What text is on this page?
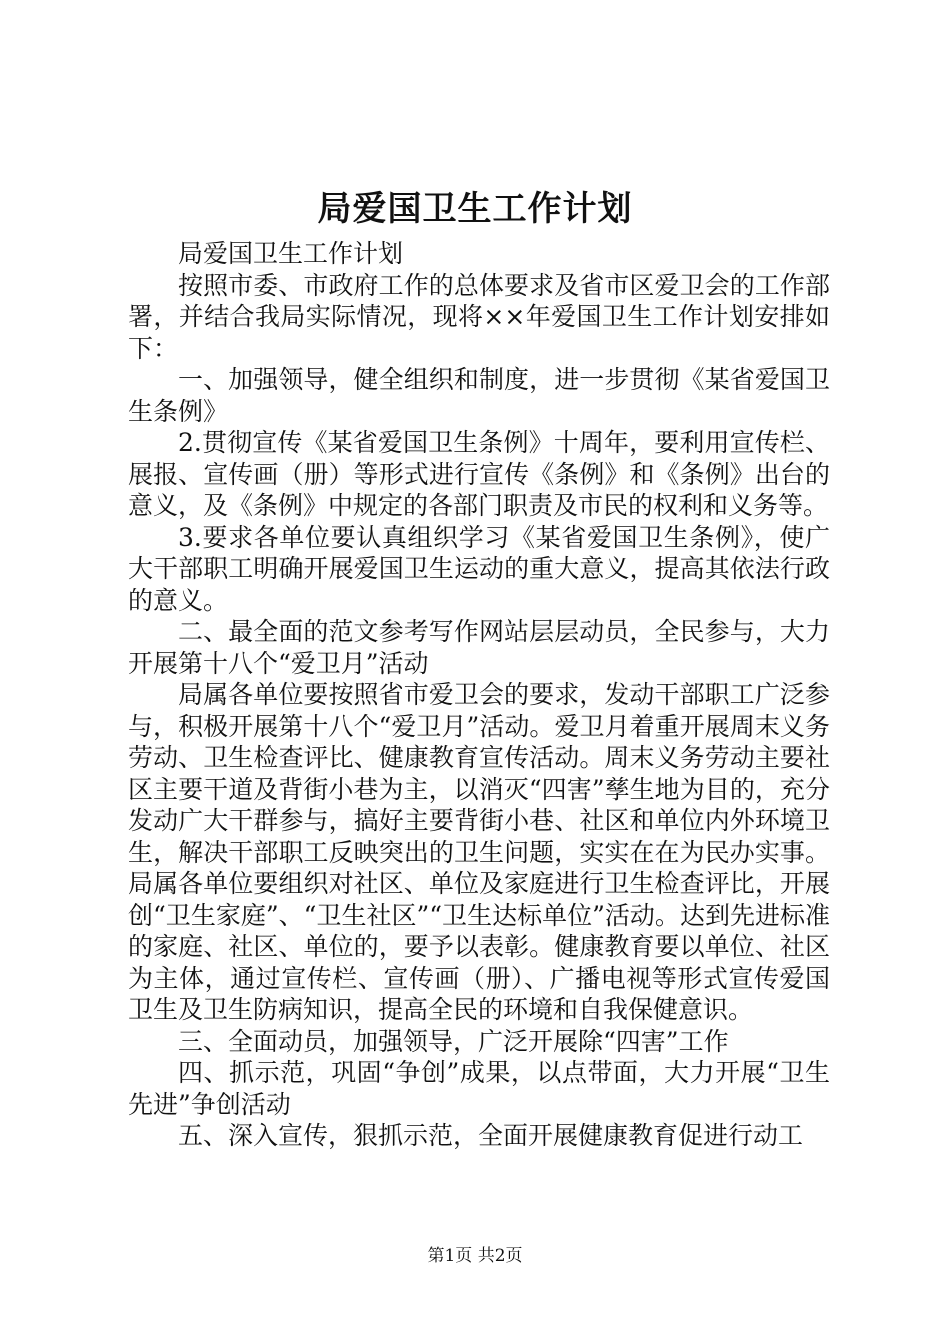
局爱国卫生工作计划

局爱国卫生工作计划

按照市委、市政府工作的总体要求及省市区爱卫会的工作部署，并结合我局实际情况，现将××年爱国卫生工作计划安排如下：

一、加强领导，健全组织和制度，进一步贯彻《某省爱国卫生条例》

2.贯彻宣传《某省爱国卫生条例》十周年，要利用宣传栏、展报、宣传画（册）等形式进行宣传《条例》和《条例》出台的意义，及《条例》中规定的各部门职责及市民的权利和义务等。

3.要求各单位要认真组织学习《某省爱国卫生条例》，使广大干部职工明确开展爱国卫生运动的重大意义，提高其依法行政的意义。

二、最全面的范文参考写作网站层层动员，全民参与，大力开展第十八个“爱卫月”活动

局属各单位要按照省市爱卫会的要求，发动干部职工广泛参与，积极开展第十八个“爱卫月”活动。爱卫月着重开展周末义务劳动、卫生检查评比、健康教育宣传活动。周末义务劳动主要社区主要干道及背街小巷为主，以消灭“四害”孳生地为目的，充分发动广大干群参与，搞好主要背街小巷、社区和单位内外环境卫生，解决干部职工反映突出的卫生问题，实实在在为民办实事。局属各单位要组织对社区、单位及家庭进行卫生检查评比，开展创“卫生家庭”、“卫生社区”“卫生达标单位”活动。达到先进标准的家庭、社区、单位的，要予以表彰。健康教育要以单位、社区为主体，通过宣传栏、宣传画（册）、广播电视等形式宣传爱国卫生及卫生防病知识，提高全民的环境和自我保健意识。

三、全面动员，加强领导，广泛开展除“四害”工作

四、抓示范，巩固“争创”成果，以点带面，大力开展“卫生先进”争创活动

五、深入宣传，狠抓示范，全面开展健康教育促进行动工

第1页 共2页
